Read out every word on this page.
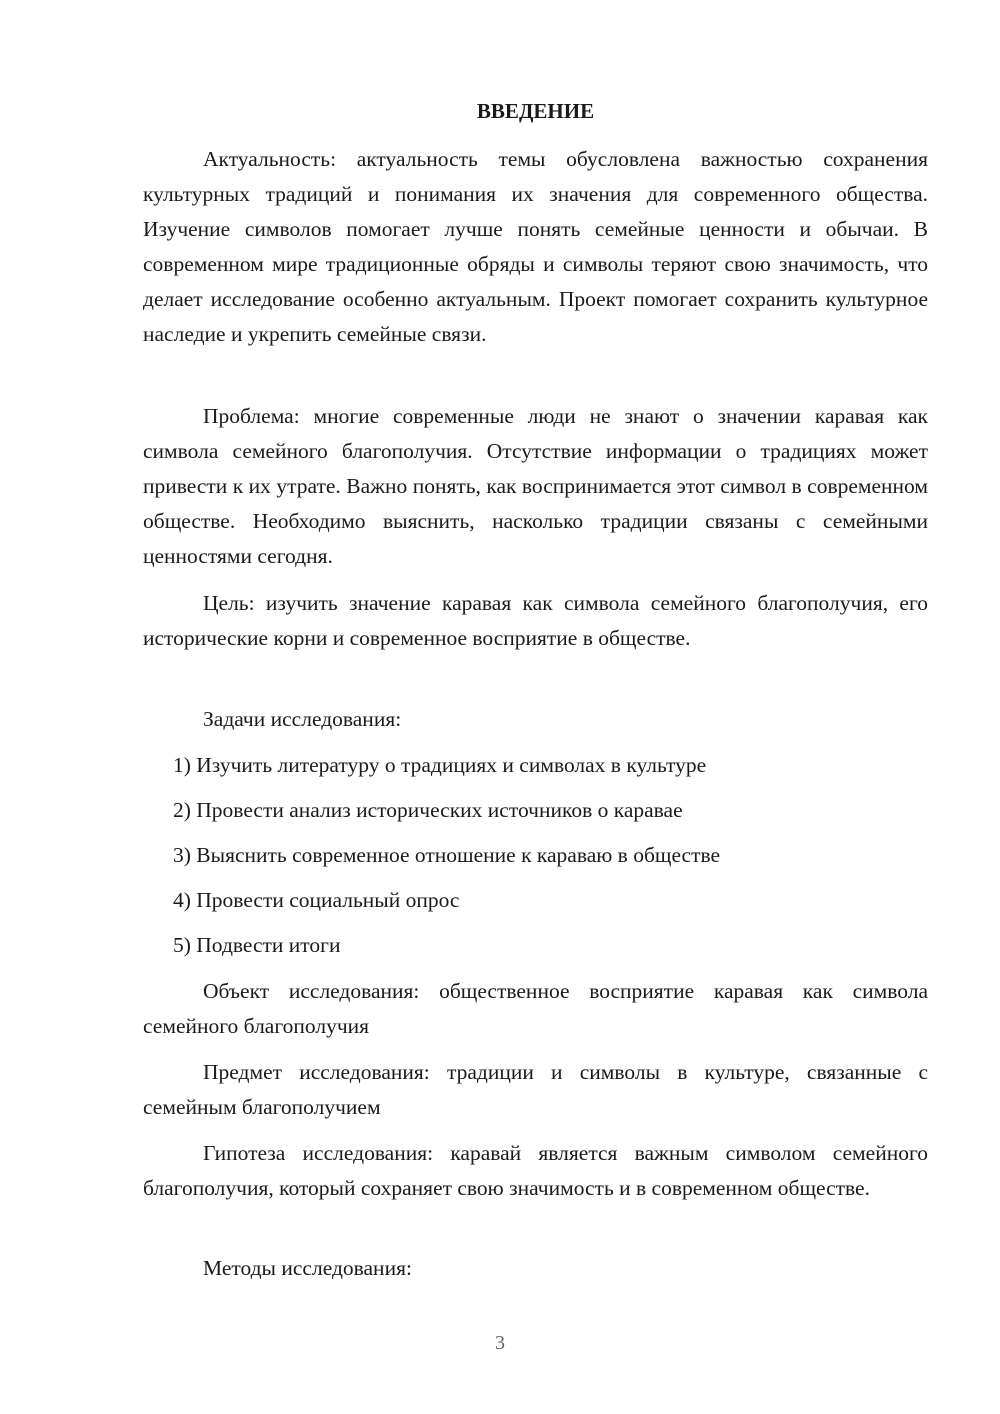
ВВЕДЕНИЕ

Актуальность: актуальность темы обусловлена важностью сохранения культурных традиций и понимания их значения для современного общества. Изучение символов помогает лучше понять семейные ценности и обычаи. В современном мире традиционные обряды и символы теряют свою значимость, что делает исследование особенно актуальным. Проект помогает сохранить культурное наследие и укрепить семейные связи.

Проблема: многие современные люди не знают о значении каравая как символа семейного благополучия. Отсутствие информации о традициях может привести к их утрате. Важно понять, как воспринимается этот символ в современном обществе. Необходимо выяснить, насколько традиции связаны с семейными ценностями сегодня.

Цель: изучить значение каравая как символа семейного благополучия, его исторические корни и современное восприятие в обществе.

Задачи исследования:

1) Изучить литературу о традициях и символах в культуре

2) Провести анализ исторических источников о каравае

3) Выяснить современное отношение к караваю в обществе

4) Провести социальный опрос

5) Подвести итоги

Объект исследования: общественное восприятие каравая как символа семейного благополучия

Предмет исследования: традиции и символы в культуре, связанные с семейным благополучием

Гипотеза исследования: каравай является важным символом семейного благополучия, который сохраняет свою значимость и в современном обществе.

Методы исследования:

3
